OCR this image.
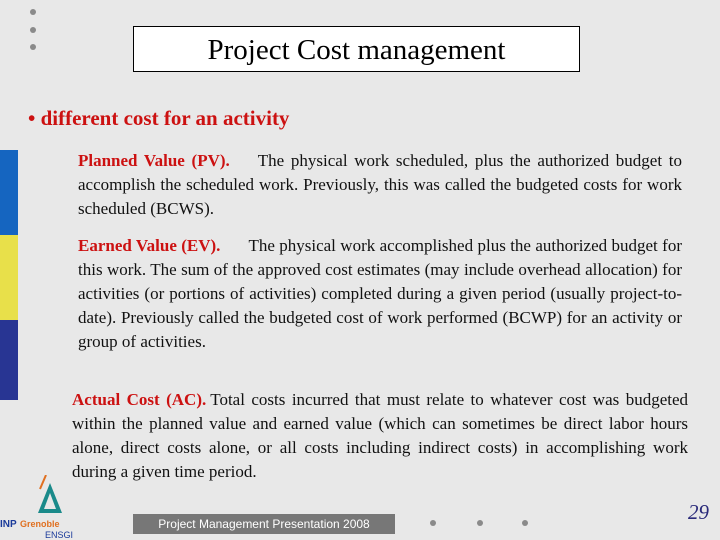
Project Cost management
• different cost for an activity
Planned Value (PV). The physical work scheduled, plus the authorized budget to accomplish the scheduled work. Previously, this was called the budgeted costs for work scheduled (BCWS).
Earned Value (EV). The physical work accomplished plus the authorized budget for this work. The sum of the approved cost estimates (may include overhead allocation) for activities (or portions of activities) completed during a given period (usually project-to-date). Previously called the budgeted cost of work performed (BCWP) for an activity or group of activities.
Actual Cost (AC). Total costs incurred that must relate to whatever cost was budgeted within the planned value and earned value (which can sometimes be direct labor hours alone, direct costs alone, or all costs including indirect costs) in accomplishing work during a given time period.
INP Grenoble
ENSGI
Project Management Presentation 2008	29
